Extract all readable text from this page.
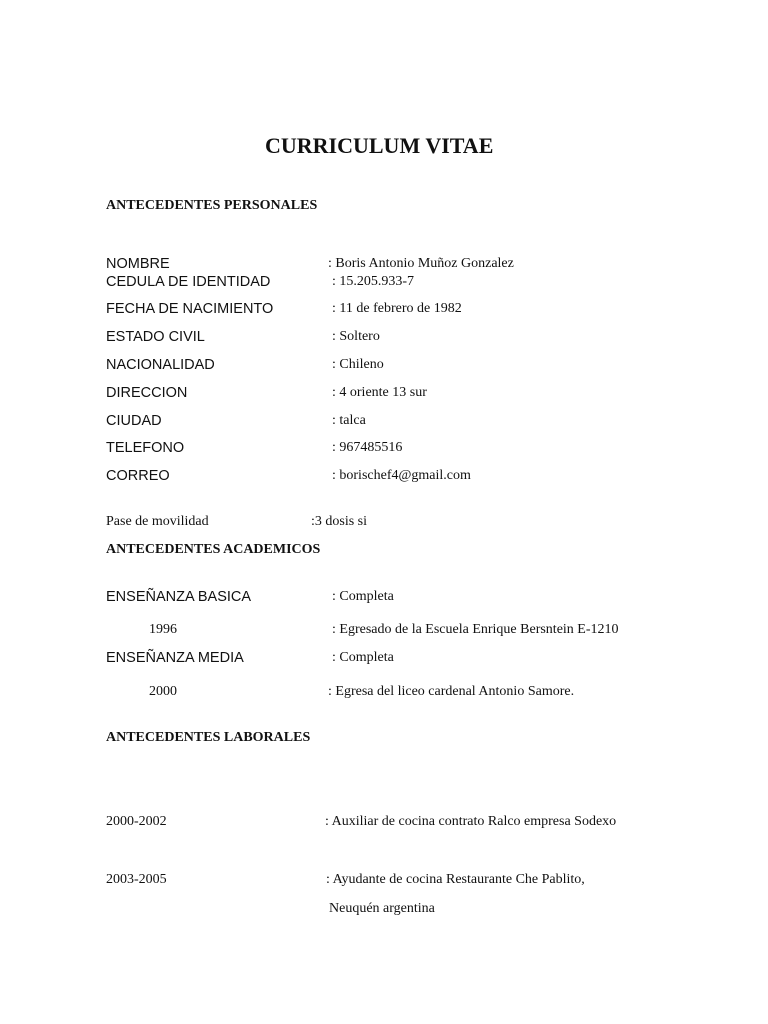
CURRICULUM VITAE
ANTECEDENTES PERSONALES
NOMBRE	: Boris Antonio Muñoz Gonzalez
CEDULA DE IDENTIDAD	: 15.205.933-7
FECHA DE NACIMIENTO	: 11 de febrero de 1982
ESTADO CIVIL	: Soltero
NACIONALIDAD	: Chileno
DIRECCION	: 4 oriente 13 sur
CIUDAD	: talca
TELEFONO	: 967485516
CORREO	: borischef4@gmail.com
Pase de movilidad	:3 dosis si
ANTECEDENTES ACADEMICOS
ENSEÑANZA BASICA	: Completa
1996	: Egresado de la Escuela Enrique Bersntein E-1210
ENSEÑANZA MEDIA	: Completa
2000	: Egresa del liceo cardenal Antonio Samore.
ANTECEDENTES LABORALES
2000-2002	: Auxiliar de cocina contrato Ralco empresa Sodexo
2003-2005	: Ayudante de cocina Restaurante Che Pablito,
Neuquén argentina
